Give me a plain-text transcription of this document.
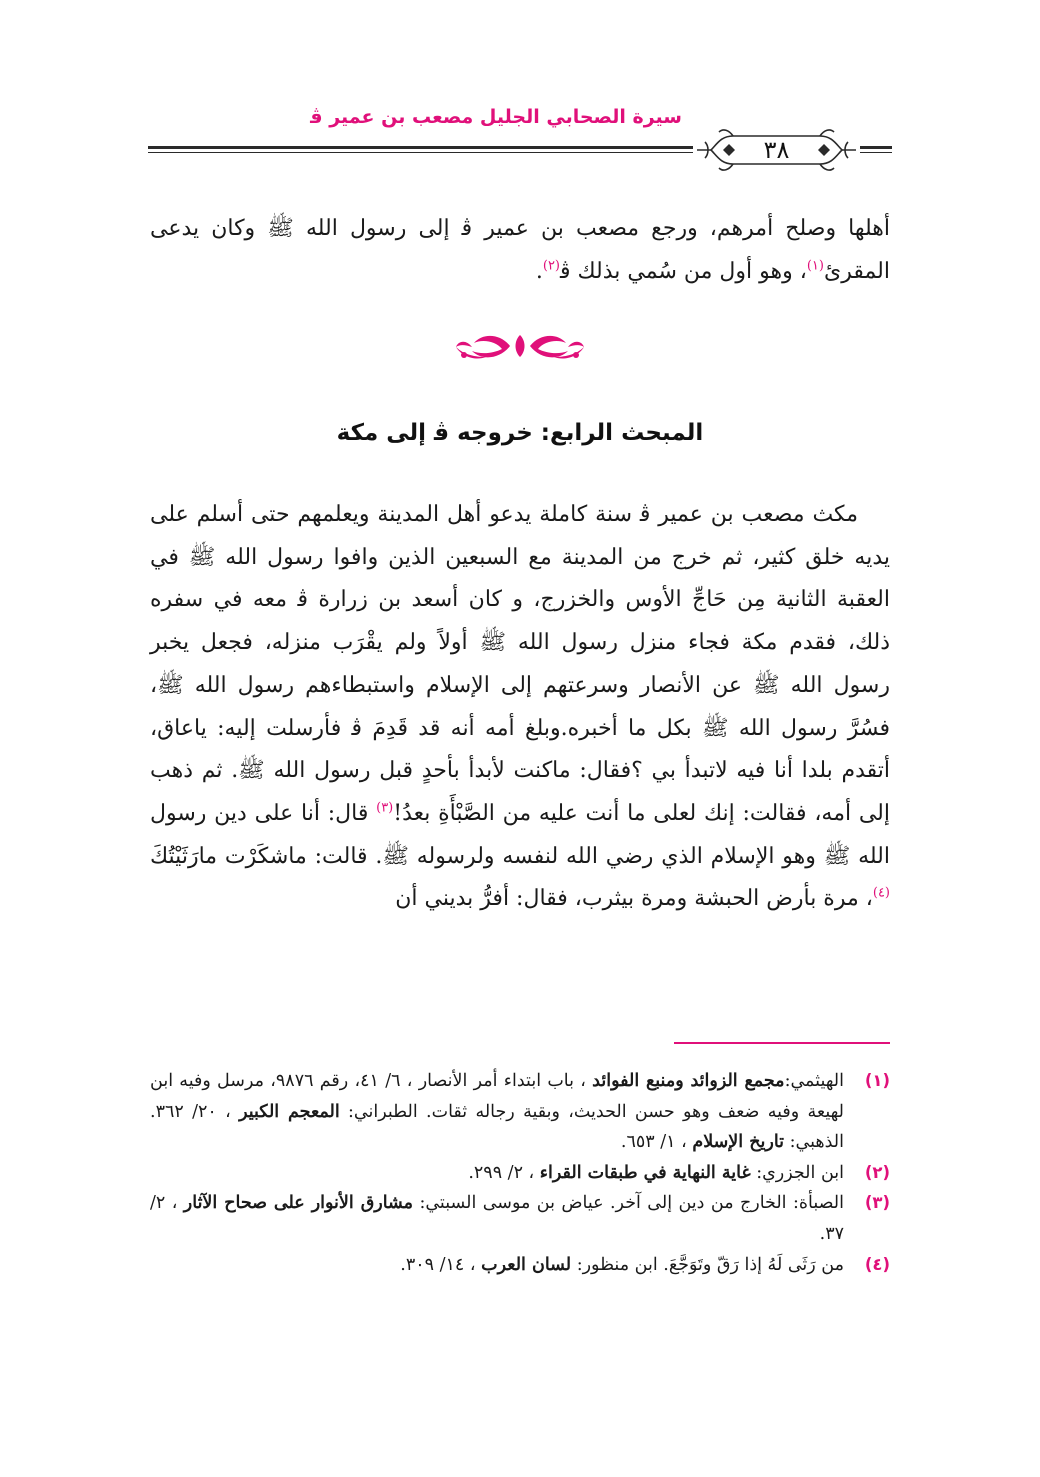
سيرة الصحابي الجليل مصعب بن عمير ﭬ
٣٨

أهلها وصلح أمرهم، ورجع مصعب بن عمير ﭬ إلى رسول الله ﷺ وكان يدعى المقرئ$^{(١)}$، وهو أول من سُمي بذلك ﭬ$^{(٢)}$.

المبحث الرابع: خروجه ﭬ إلى مكة

مكث مصعب بن عمير ﭬ سنة كاملة يدعو أهل المدينة ويعلمهم حتى أسلم على يديه خلق كثير، ثم خرج من المدينة مع السبعين الذين وافوا رسول الله ﷺ في العقبة الثانية مِن حَاجِّ الأوس والخزرج، و كان أسعد بن زرارة ﭬ معه في سفره ذلك، فقدم مكة فجاء منزل رسول الله ﷺ أولاً ولم يقْرَب منزله، فجعل يخبر رسول الله ﷺ عن الأنصار وسرعتهم إلى الإسلام واستبطاءهم رسول الله ﷺ، فسُرَّ رسول الله ﷺ بكل ما أخبره.وبلغ أمه أنه قد قَدِمَ ﭬ فأرسلت إليه: ياعاق، أتقدم بلدا أنا فيه لاتبدأ بي ؟فقال: ماكنت لأبدأ بأحدٍ قبل رسول الله ﷺ. ثم ذهب إلى أمه، فقالت: إنك لعلى ما أنت عليه من الصَّبْأَةِ بعدُ!$^{(٣)}$ قال: أنا على دين رسول الله ﷺ وهو الإسلام الذي رضي الله لنفسه ولرسوله ﷺ. قالت: ماشكَرْت مارَثَيْتُكَ $^{(٤)}$، مرة بأرض الحبشة ومرة بيثرب، فقال: أفرُّ بديني أن

(١)
الهيثمي:مجمع الزوائد ومنبع الفوائد ، باب ابتداء أمر الأنصار ، ٦/ ٤١، رقم ٩٨٧٦، مرسل وفيه ابن لهيعة وفيه ضعف وهو حسن الحديث، وبقية رجاله ثقات. الطبراني: المعجم الكبير ، ٢٠/ ٣٦٢. الذهبي: تاريخ الإسلام ، ١/ ٦٥٣.

(٢)
ابن الجزري: غاية النهاية في طبقات القراء ، ٢/ ٢٩٩.

(٣)
الصبأة: الخارج من دين إلى آخر. عياض بن موسى السبتي: مشارق الأنوار على صحاح الآثار ، ٢/ ٣٧.

(٤)
من رَثَى لَهُ إذا رَقّ وتَوَجَّعَ. ابن منظور: لسان العرب ، ١٤/ ٣٠٩.
